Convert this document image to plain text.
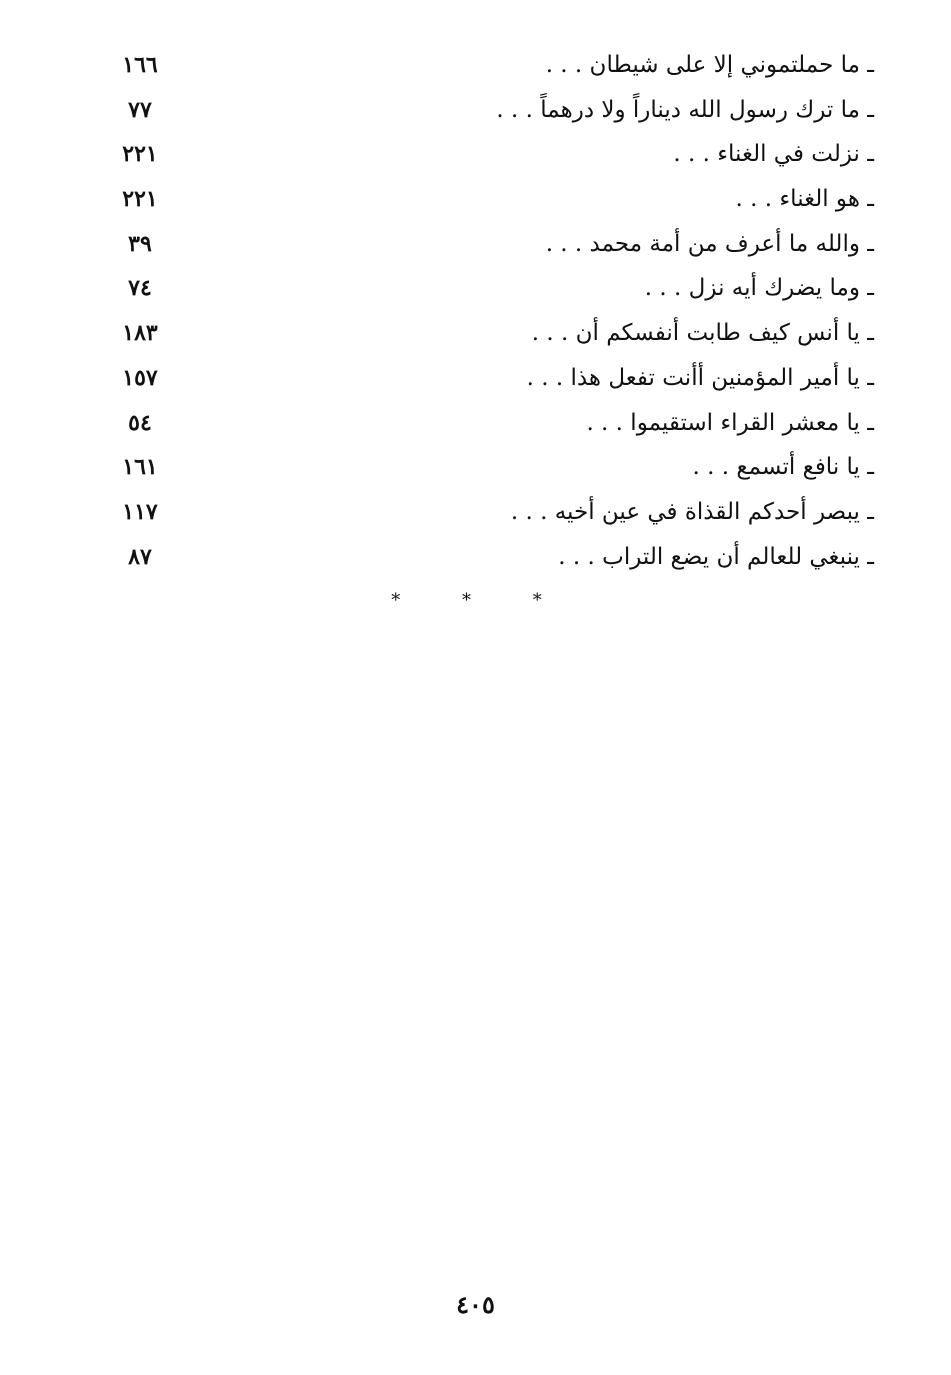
ـ ما حملتموني إلا على شيطان . . .
١٦٦
ـ ما ترك رسول الله ديناراً ولا درهماً . . .
٧٧
ـ نزلت في الغناء . . .
٢٢١
ـ هو الغناء . . .
٢٢١
ـ والله ما أعرف من أمة محمد . . .
٣٩
ـ وما يضرك أيه نزل . . .
٧٤
ـ يا أنس كيف طابت أنفسكم أن . . .
١٨٣
ـ يا أمير المؤمنين أأنت تفعل هذا . . .
١٥٧
ـ يا معشر القراء استقيموا . . .
٥٤
ـ يا نافع أتسمع . . .
١٦١
ـ يبصر أحدكم القذاة في عين أخيه . . .
١١٧
ـ ينبغي للعالم أن يضع التراب . . .
٨٧
* * *
٤٠٥
